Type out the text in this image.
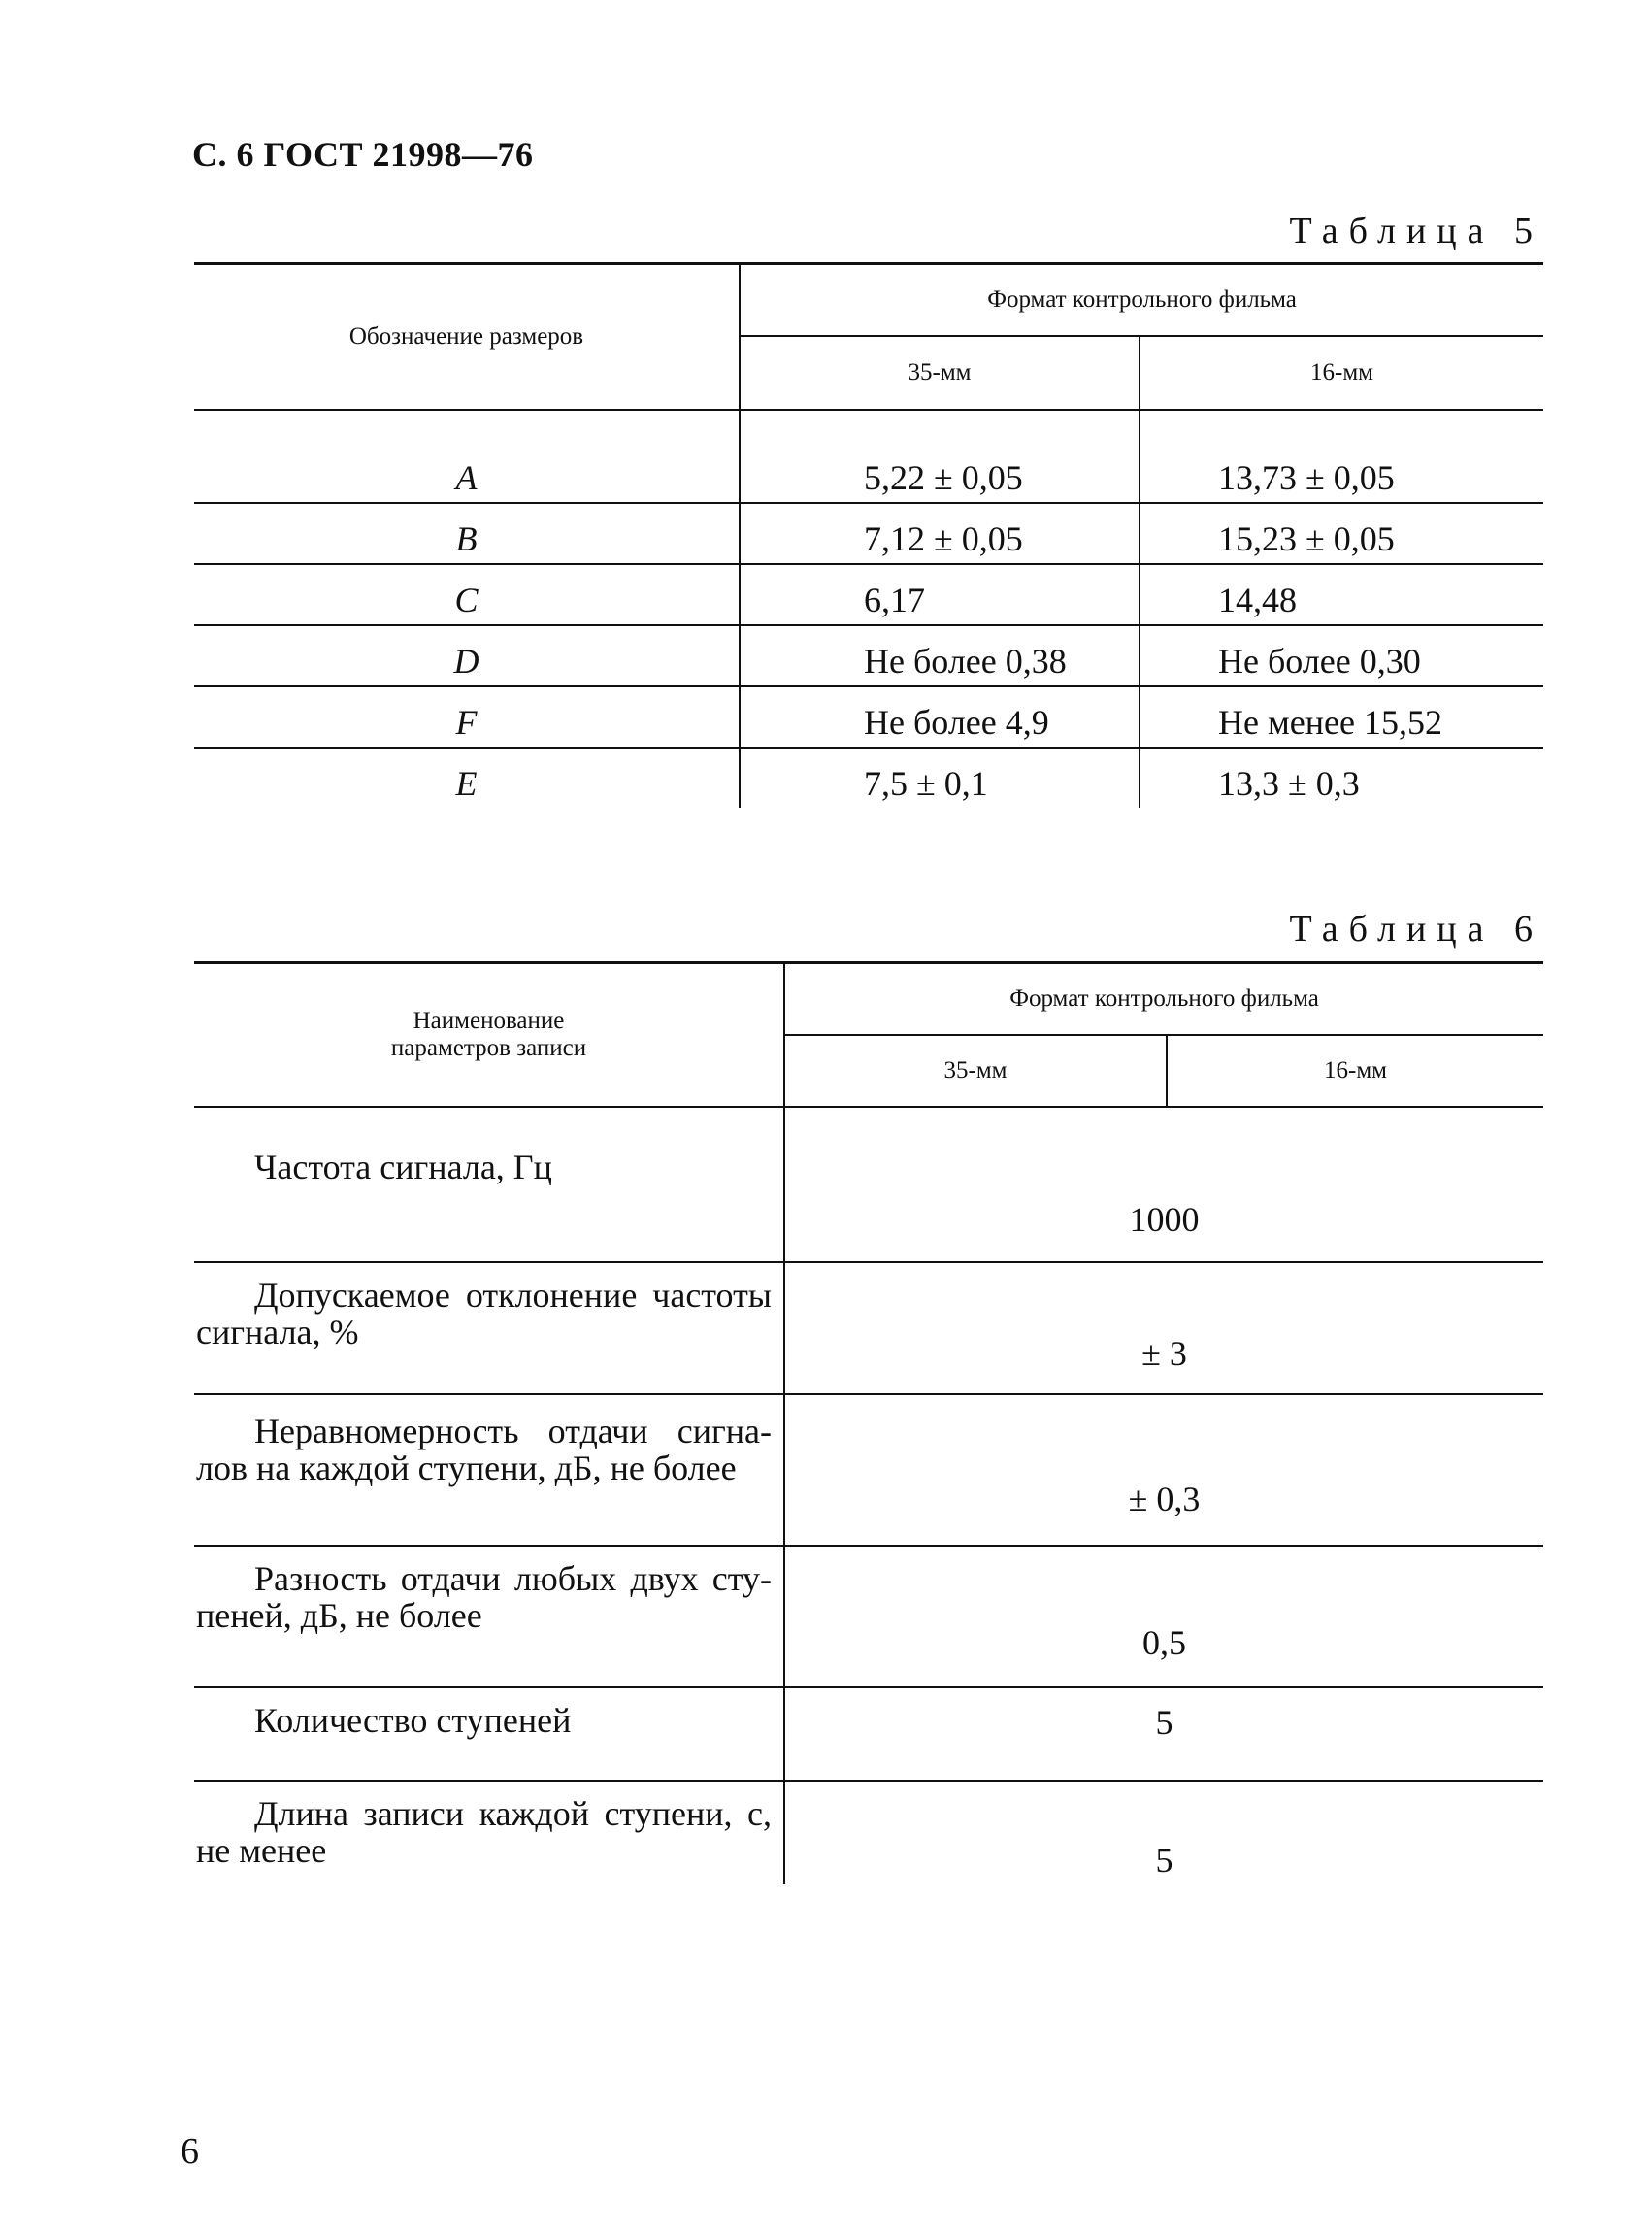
С. 6 ГОСТ 21998—76
Таблица 5
Обозначение размеров	Формат контрольного фильма	
	35-мм	16-мм
A	5,22 ± 0,05	13,73 ± 0,05
B	7,12 ± 0,05	15,23 ± 0,05
C	6,17	14,48
D	Не более 0,38	Не более 0,30
F	Не более 4,9	Не менее 15,52
E	7,5 ± 0,1	13,3 ± 0,3
Таблица 6
Наименование
параметров записи	Формат контрольного фильма	
	35-мм	16-мм

Частота сигнала, Гц	1000	

Допускаемое отклонение частоты
сигнала, %	± 3	

Неравномерность отдачи сигна-
лов на каждой ступени, дБ, не более	± 0,3	

Разность отдачи любых двух сту-
пеней, дБ, не более	0,5	

Количество ступеней	5	

Длина записи каждой ступени, с,
не менее	5	
6
